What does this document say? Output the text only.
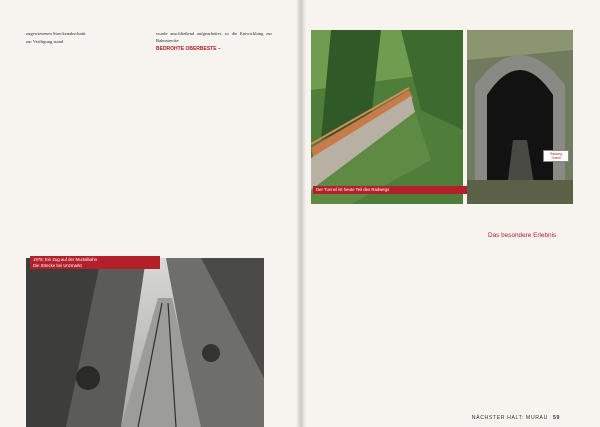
zugewiesenen Streckenabschnitt

zur Verfügung stand

wurde anschließend aufgearbeitet, so die Entwicklung zur Bahnstrecke

BEDROHTE OBERBESTE –

1975: Ein Zug auf der Murtalbahn
Die Strecke bei Unzmarkt
Der Tunnel ist heute Teil des Radwegs
Radweg Tunnel

Das besondere Erlebnis

NÄCHSTER HALT: MURAU 59
